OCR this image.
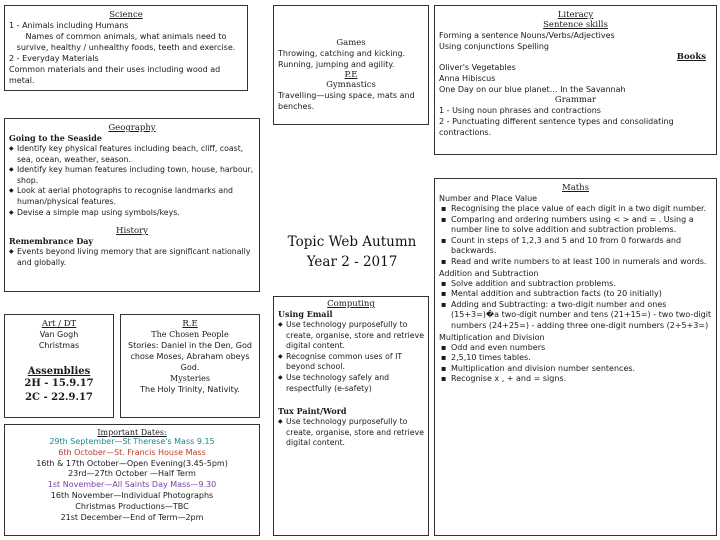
Science
1 - Animals including Humans
Names of common animals, what animals need to survive, healthy / unhealthy foods, teeth and exercise.
2 - Everyday Materials
Common materials and their uses including wood ad metal.
Games
Throwing, catching and kicking. Running, jumping and agility.
P.E
Gymnastics
Travelling—using space, mats and benches.
Literacy
Sentence skills
Forming a sentence Nouns/Verbs/Adjectives
Using conjunctions Spelling
Books
Oliver's Vegetables
Anna Hibiscus
One Day on our blue planet… In the Savannah
Grammar
1 - Using noun phrases and contractions
2 - Punctuating different sentence types and consolidating contractions.
Geography
Going to the Seaside
◆ Identify key physical features including beach, cliff, coast, sea, ocean, weather, season.
◆ Identify key human features including town, house, harbour, shop.
◆ Look at aerial photographs to recognise landmarks and human/physical features.
◆ Devise a simple map using symbols/keys.
History
Remembrance Day
◆ Events beyond living memory that are significant nationally and globally.
Topic Web Autumn
Year 2 - 2017
Maths
Number and Place Value
▪ Recognising the place value of each digit in a two digit number.
▪ Comparing and ordering numbers using < > and = . Using a number line to solve addition and subtraction problems.
▪ Count in steps of 1,2,3 and 5 and 10 from 0 forwards and backwards.
▪ Read and write numbers to at least 100 in numerals and words.
Addition and Subtraction
▪ Solve addition and subtraction problems.
▪ Mental addition and subtraction facts (to 20 initially)
▪ Adding and Subtracting: a two-digit number and ones (15+3=)�a two-digit number and tens (21+15=) - two two-digit numbers (24+25=) - adding three one-digit numbers (2+5+3=)
Multiplication and Division
▪ Odd and even numbers
▪ 2,5,10 times tables.
▪ Multiplication and division number sentences.
▪ Recognise x , + and = signs.
Art / DT
Van Gogh
Christmas
Assemblies
2H - 15.9.17
2C - 22.9.17
R.E
The Chosen People
Stories: Daniel in the Den, God chose Moses, Abraham obeys God.
Mysteries
The Holy Trinity, Nativity.
Computing
Using Email
◆ Use technology purposefully to create, organise, store and retrieve digital content.
◆ Recognise common uses of IT beyond school.
◆ Use technology safely and respectfully (e-safety)
Tux Paint/Word
◆ Use technology purposefully to create, organise, store and retrieve digital content.
Important Dates:
29th September—St Therese's Mass 9.15
6th October—St. Francis House Mass
16th & 17th October—Open Evening(3.45-5pm)
23rd—27th October —Half Term
1st November—All Saints Day Mass—9.30
16th November—Individual Photographs
Christmas Productions—TBC
21st December—End of Term—2pm
